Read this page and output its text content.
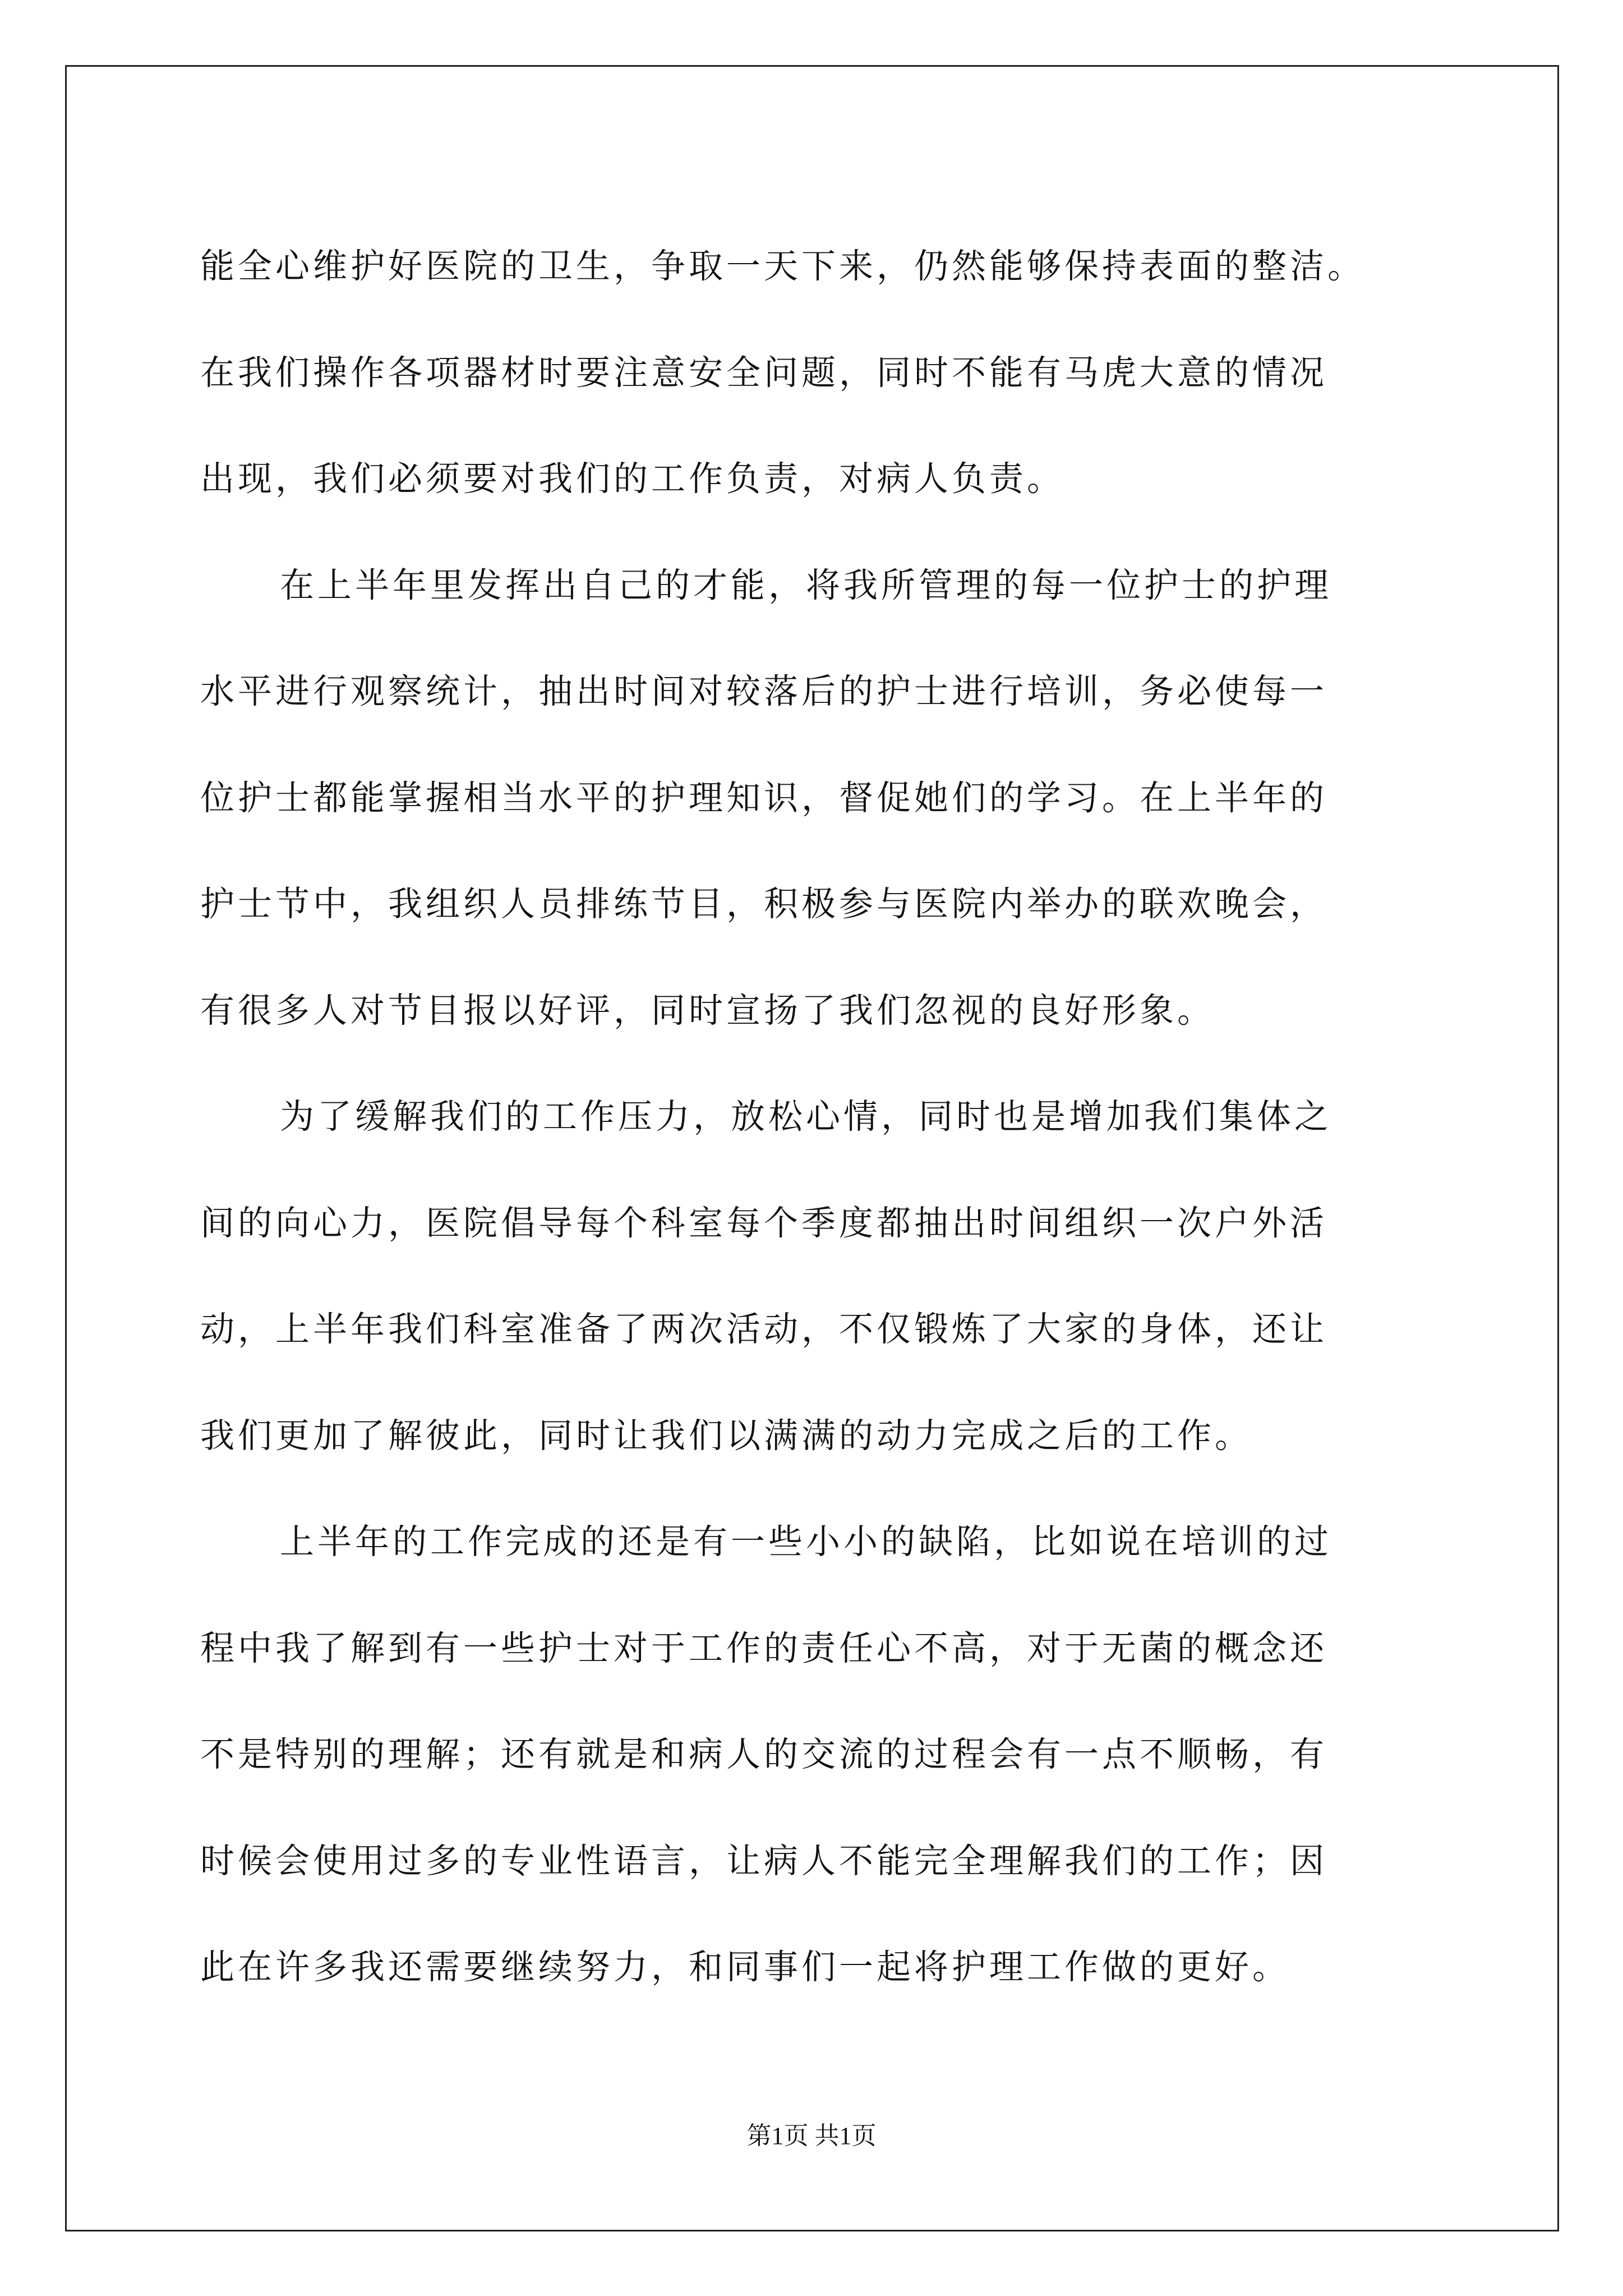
能全心维护好医院的卫生，争取一天下来，仍然能够保持表面的整洁。
在我们操作各项器材时要注意安全问题，同时不能有马虎大意的情况
出现，我们必须要对我们的工作负责，对病人负责。
在上半年里发挥出自己的才能，将我所管理的每一位护士的护理
水平进行观察统计，抽出时间对较落后的护士进行培训，务必使每一
位护士都能掌握相当水平的护理知识，督促她们的学习。在上半年的
护士节中，我组织人员排练节目，积极参与医院内举办的联欢晚会，
有很多人对节目报以好评，同时宣扬了我们忽视的良好形象。
为了缓解我们的工作压力，放松心情，同时也是增加我们集体之
间的向心力，医院倡导每个科室每个季度都抽出时间组织一次户外活
动，上半年我们科室准备了两次活动，不仅锻炼了大家的身体，还让
我们更加了解彼此，同时让我们以满满的动力完成之后的工作。
上半年的工作完成的还是有一些小小的缺陷，比如说在培训的过
程中我了解到有一些护士对于工作的责任心不高，对于无菌的概念还
不是特别的理解；还有就是和病人的交流的过程会有一点不顺畅，有
时候会使用过多的专业性语言，让病人不能完全理解我们的工作；因
此在许多我还需要继续努力，和同事们一起将护理工作做的更好。
第1页 共1页
